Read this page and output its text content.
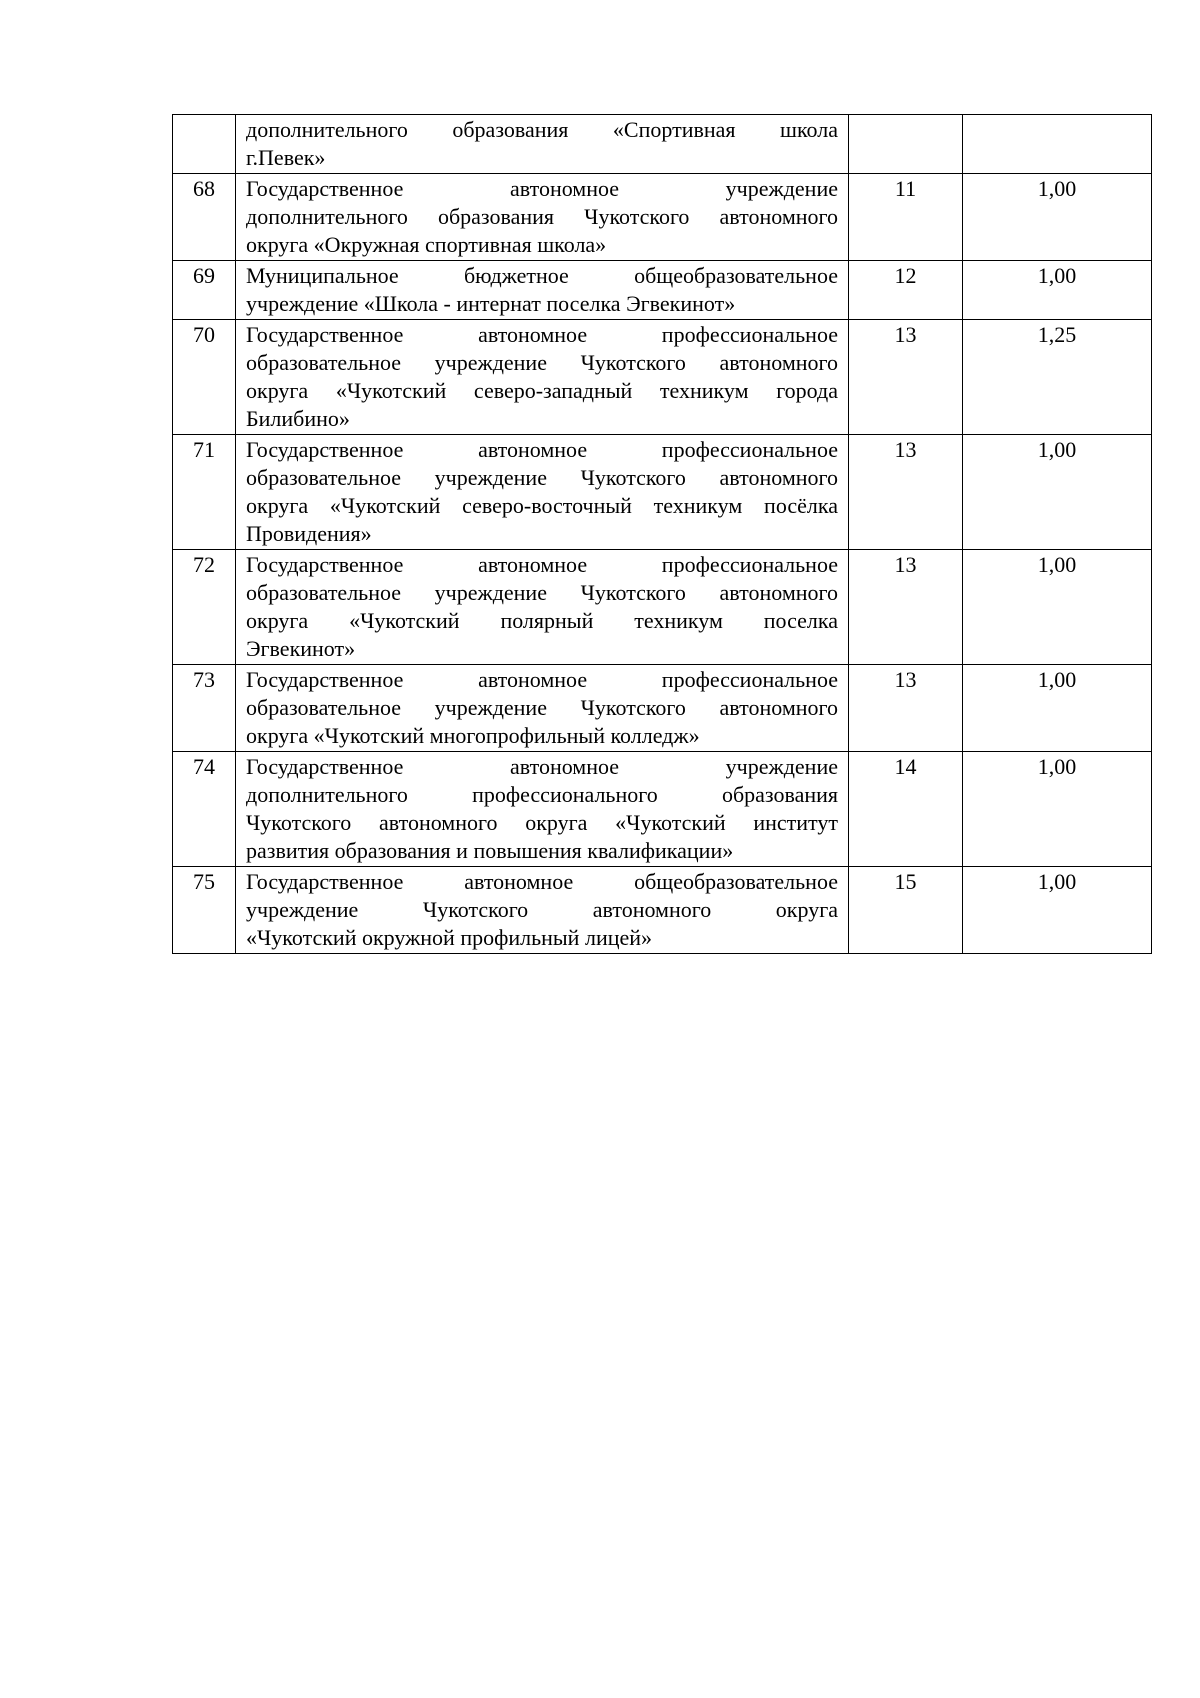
	дополнительного образования «Спортивная школа
г.Певек»		

68	Государственное автономное учреждение
дополнительного образования Чукотского автономного
округа «Окружная спортивная школа»	11	1,00
69	Муниципальное бюджетное общеобразовательное
учреждение «Школа - интернат поселка Эгвекинот»	12	1,00
70	Государственное автономное профессиональное
образовательное учреждение Чукотского автономного
округа «Чукотский северо-западный техникум города
Билибино»	13	1,25
71	Государственное автономное профессиональное
образовательное учреждение Чукотского автономного
округа «Чукотский северо-восточный техникум посёлка
Провидения»	13	1,00
72	Государственное автономное профессиональное
образовательное учреждение Чукотского автономного
округа «Чукотский полярный техникум поселка
Эгвекинот»	13	1,00
73	Государственное автономное профессиональное
образовательное учреждение Чукотского автономного
округа «Чукотский многопрофильный колледж»	13	1,00
74	Государственное автономное учреждение
дополнительного профессионального образования
Чукотского автономного округа «Чукотский институт
развития образования и повышения квалификации»	14	1,00
75	Государственное автономное общеобразовательное
учреждение Чукотского автономного округа
«Чукотский окружной профильный лицей»	15	1,00
